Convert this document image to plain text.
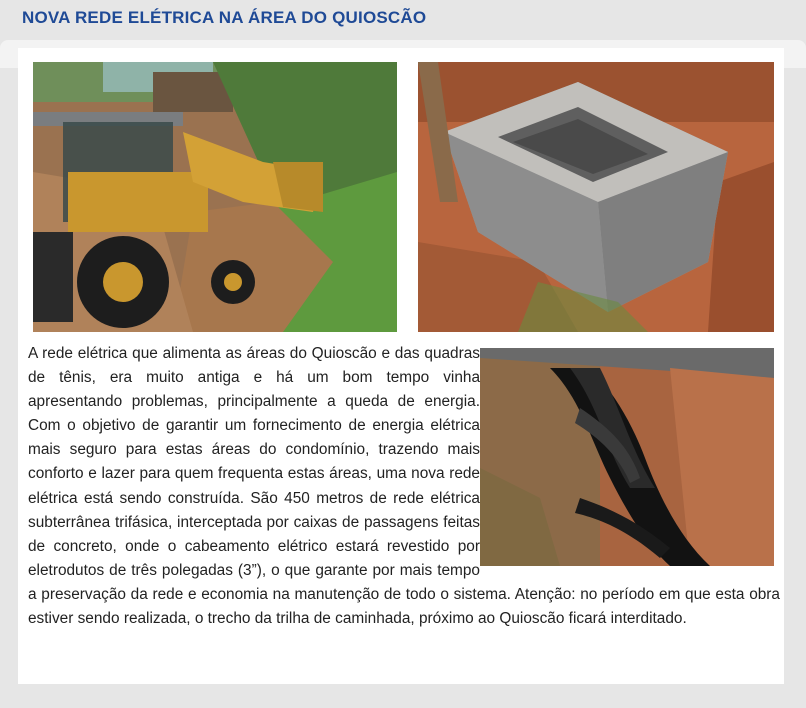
NOVA REDE ELÉTRICA NA ÁREA DO QUIOSCÃO

A rede elétrica que alimenta as áreas do Quioscão e das quadras de tênis, era muito antiga e há um bom tempo vinha apresentando problemas, principalmente a queda de energia. Com o objetivo de garantir um fornecimento de energia elétrica mais seguro para estas áreas do condomínio, trazendo mais conforto e lazer para quem frequenta estas áreas, uma nova rede elétrica está sendo construída. São 450 metros de rede elétrica subterrânea trifásica, interceptada por caixas de passagens feitas de concreto, onde o cabeamento elétrico estará revestido por eletrodutos de três polegadas (3”), o que garante por mais tempo a preservação da rede e economia na manutenção de todo o sistema. Atenção: no período em que esta obra estiver sendo realizada, o trecho da trilha de caminhada, próximo ao Quioscão ficará interditado.
